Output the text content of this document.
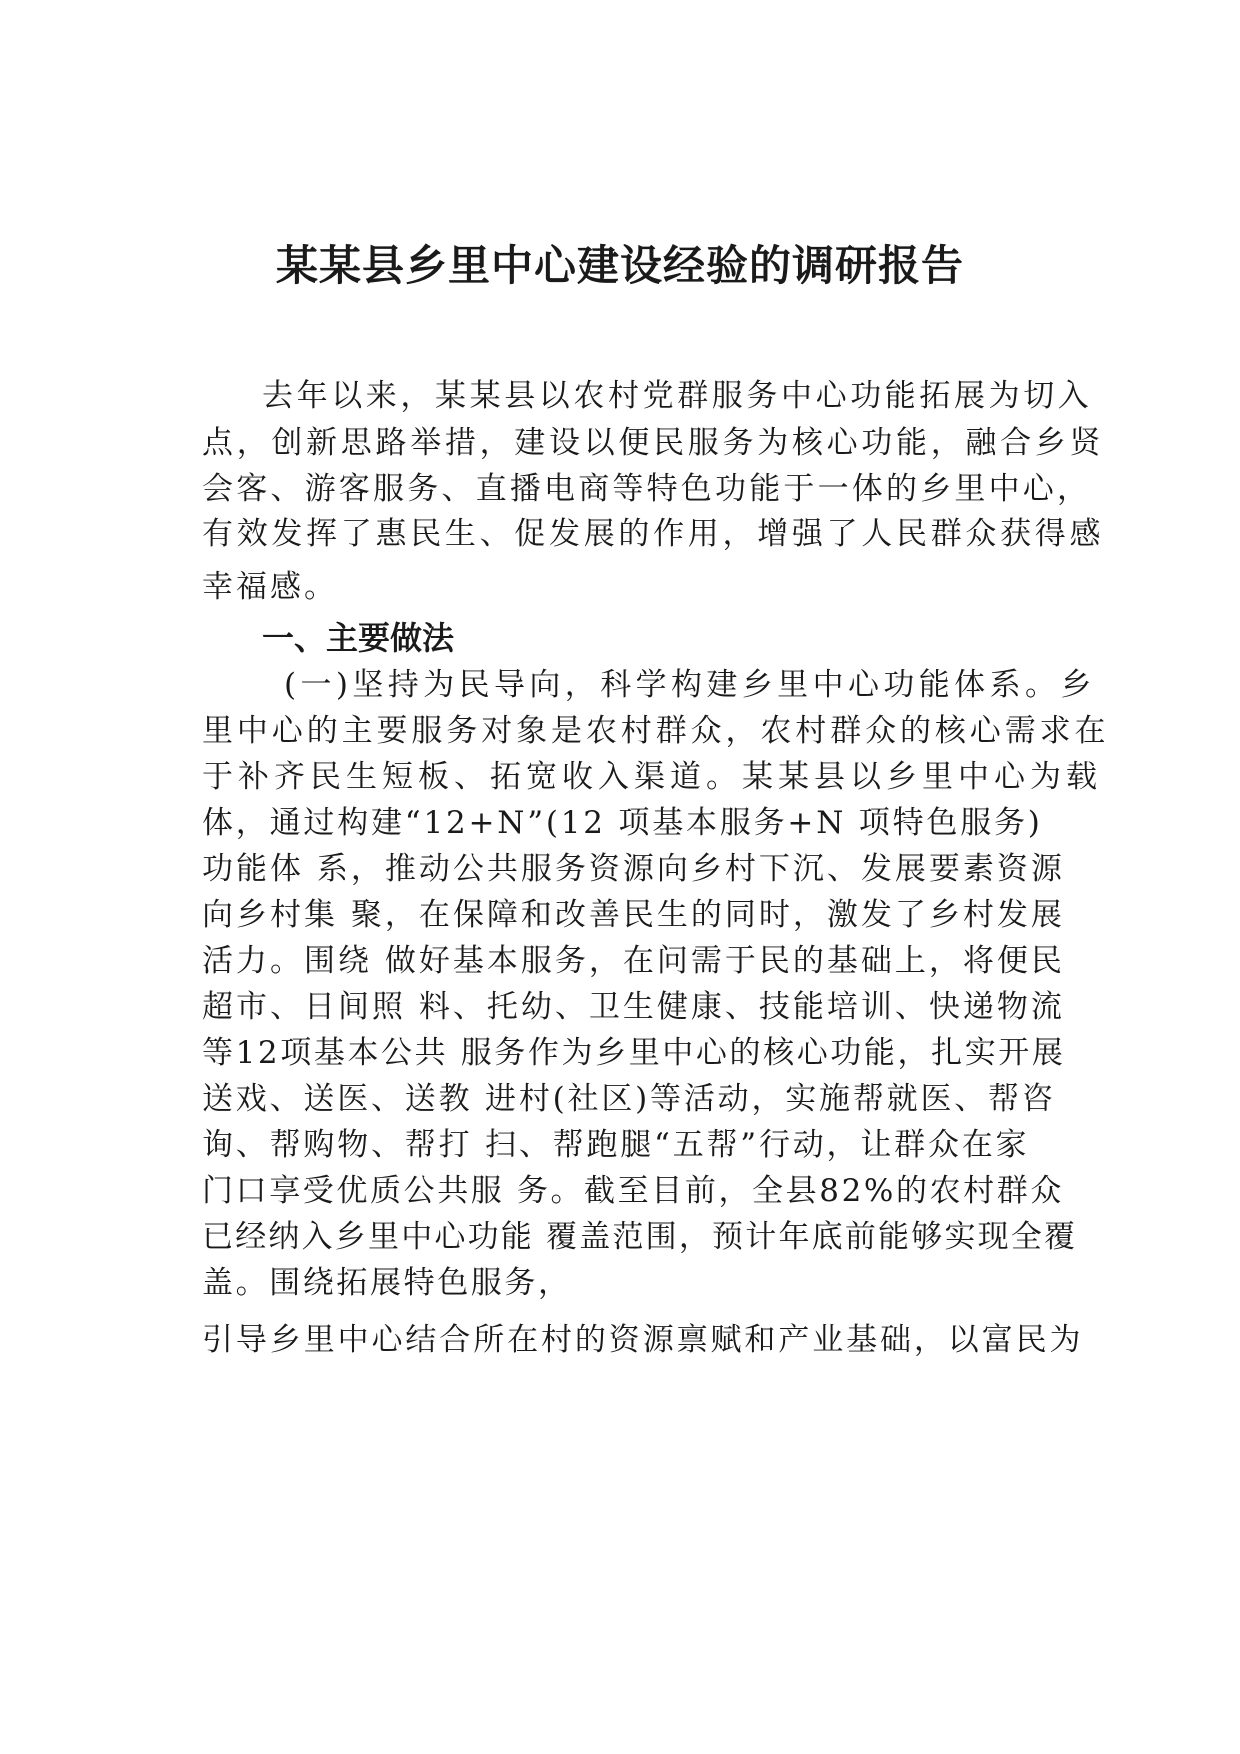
某某县乡里中心建设经验的调研报告
去年以来，某某县以农村党群服务中心功能拓展为切入
点，创新思路举措，建设以便民服务为核心功能，融合乡贤
会客、游客服务、直播电商等特色功能于一体的乡里中心，
有效发挥了惠民生、促发展的作用，增强了人民群众获得感
幸福感。
一、主要做法
(一)坚持为民导向，科学构建乡里中心功能体系。乡
里中心的主要服务对象是农村群众，农村群众的核心需求在
于补齐民生短板、拓宽收入渠道。某某县以乡里中心为载
体，通过构建“12+N”(12 项基本服务+N 项特色服务)
功能体 系，推动公共服务资源向乡村下沉、发展要素资源
向乡村集 聚，在保障和改善民生的同时，激发了乡村发展
活力。围绕 做好基本服务，在问需于民的基础上，将便民
超市、日间照 料、托幼、卫生健康、技能培训、快递物流
等12项基本公共 服务作为乡里中心的核心功能，扎实开展
送戏、送医、送教 进村(社区)等活动，实施帮就医、帮咨
询、帮购物、帮打 扫、帮跑腿“五帮”行动，让群众在家
门口享受优质公共服 务。截至目前，全县82%的农村群众
已经纳入乡里中心功能 覆盖范围，预计年底前能够实现全覆
盖。围绕拓展特色服务，
引导乡里中心结合所在村的资源禀赋和产业基础，以富民为
